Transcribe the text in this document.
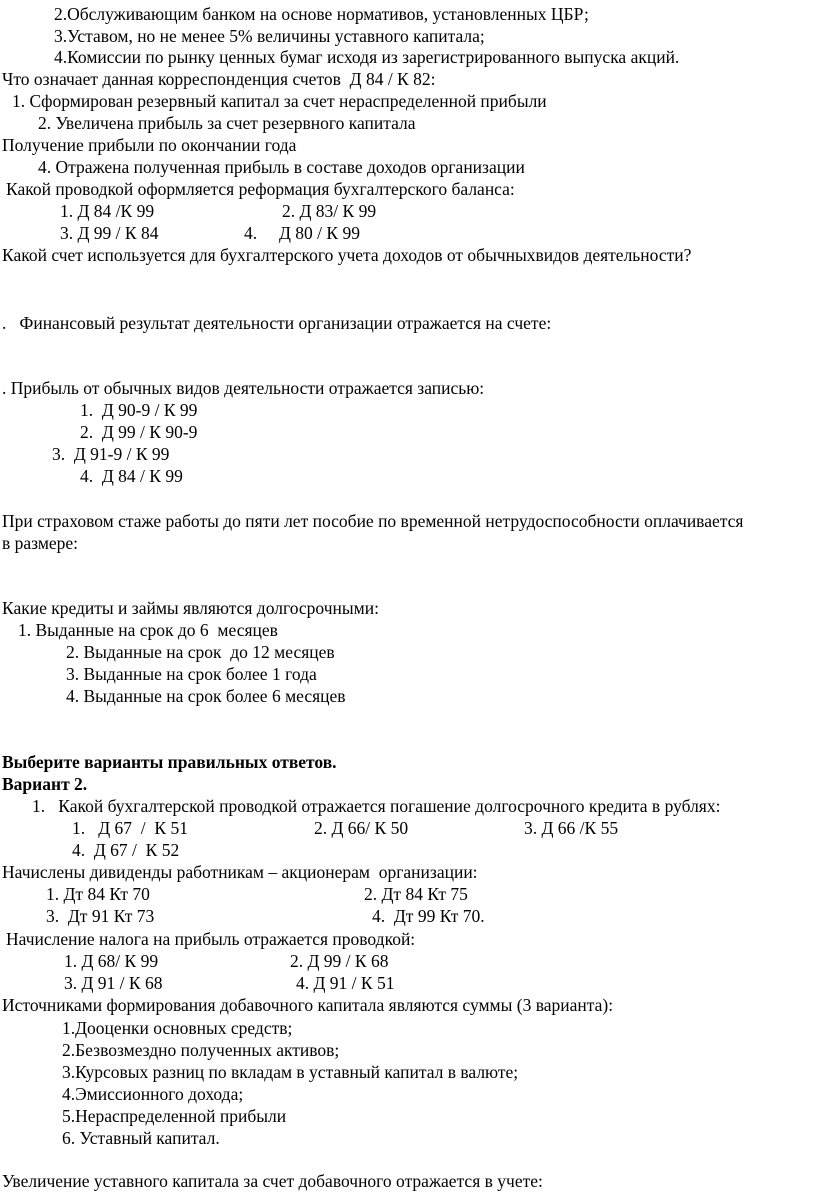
2.Обслуживающим банком на основе нормативов, установленных ЦБР;
3.Уставом, но не менее 5% величины уставного капитала;
4.Комиссии по рынку ценных бумаг исходя из зарегистрированного выпуска акций.
Что означает данная корреспонденция счетов  Д 84 / К 82:
1. Сформирован резервный капитал за счет нераспределенной прибыли
2. Увеличена прибыль за счет резервного капитала
Получение прибыли по окончании года
4. Отражена полученная прибыль в составе доходов организации
Какой проводкой оформляется реформация бухгалтерского баланса:
1. Д 84 /К 99	2. Д 83/ К 99
3. Д 99 / К 84	4.     Д 80 / К 99
Какой счет используется для бухгалтерского учета доходов от обычныхвидов деятельности?
.   Финансовый результат деятельности организации отражается на счете:
. Прибыль от обычных видов деятельности отражается записью:
1.  Д 90-9 / К 99
2.  Д 99 / К 90-9
3.  Д 91-9 / К 99
4.  Д 84 / К 99
При страховом стаже работы до пяти лет пособие по временной нетрудоспособности оплачивается
в размере:
Какие кредиты и займы являются долгосрочными:
1. Выданные на срок до 6  месяцев
2. Выданные на срок  до 12 месяцев
3. Выданные на срок более 1 года
4. Выданные на срок более 6 месяцев
Выберите варианты правильных ответов.
Вариант 2.
1.   Какой бухгалтерской проводкой отражается погашение долгосрочного кредита в рублях:
1.   Д 67  /  К 51	2. Д 66/ К 50	3. Д 66 /К 55
4.  Д 67 /  К 52
Начислены дивиденды работникам – акционерам  организации:
1. Дт 84 Кт 70	2. Дт 84 Кт 75
3.  Дт 91 Кт 73	4.  Дт 99 Кт 70.
Начисление налога на прибыль отражается проводкой:
1. Д 68/ К 99	2. Д 99 / К 68
3. Д 91 / К 68	4. Д 91 / К 51
Источниками формирования добавочного капитала являются суммы (3 варианта):
1.Дооценки основных средств;
2.Безвозмездно полученных активов;
3.Курсовых разниц по вкладам в уставный капитал в валюте;
4.Эмиссионного дохода;
5.Нераспределенной прибыли
6. Уставный капитал.
Увеличение уставного капитала за счет добавочного отражается в учете:
